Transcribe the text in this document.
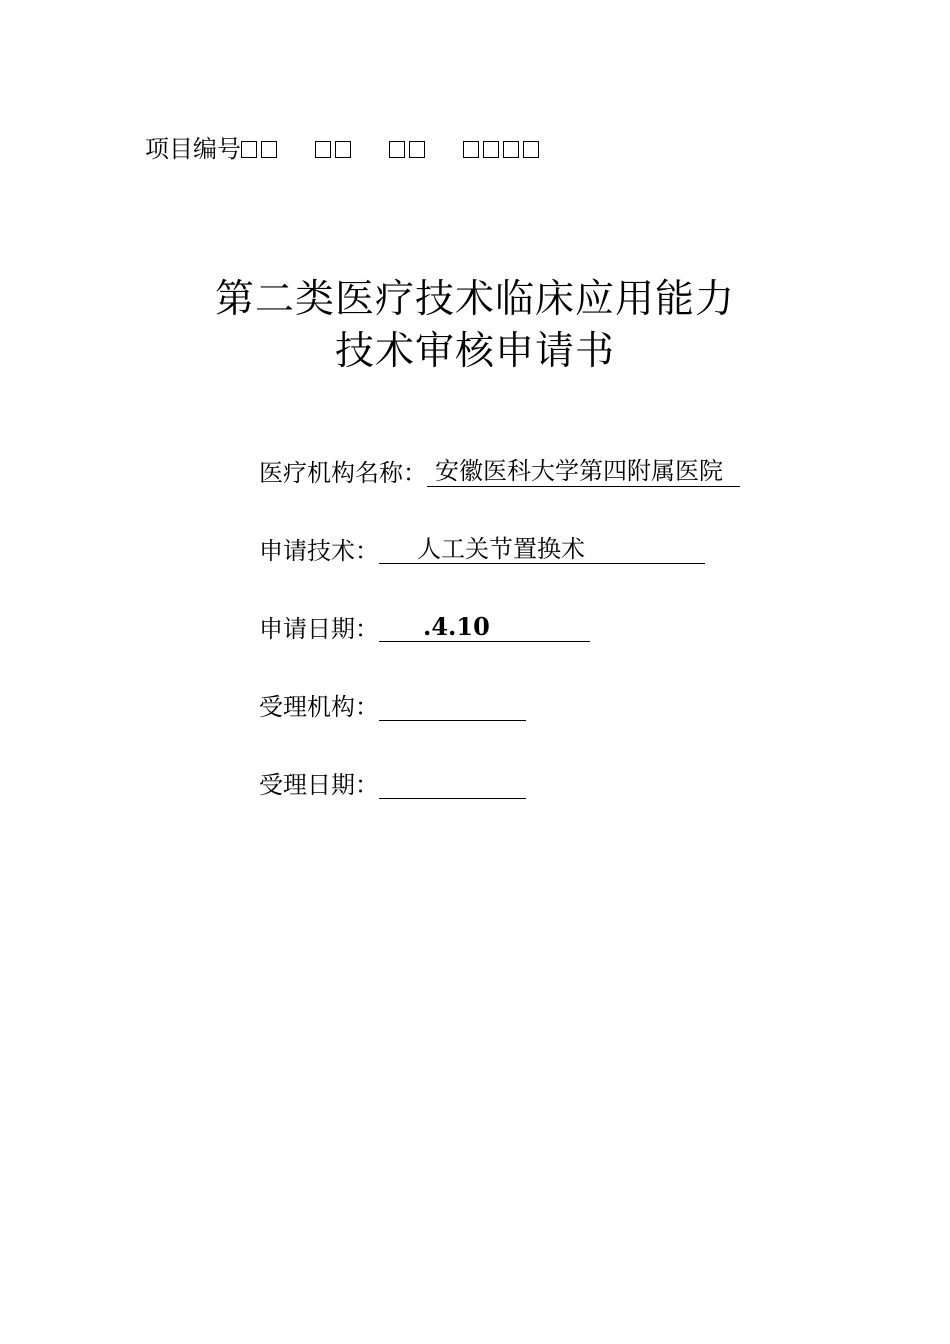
项目编号
第二类医疗技术临床应用能力
技术审核申请书
医疗机构名称： 安徽医科大学第四附属医院
申请技术：	人工关节置换术
申请日期：	.4.10
受理机构：
受理日期：
